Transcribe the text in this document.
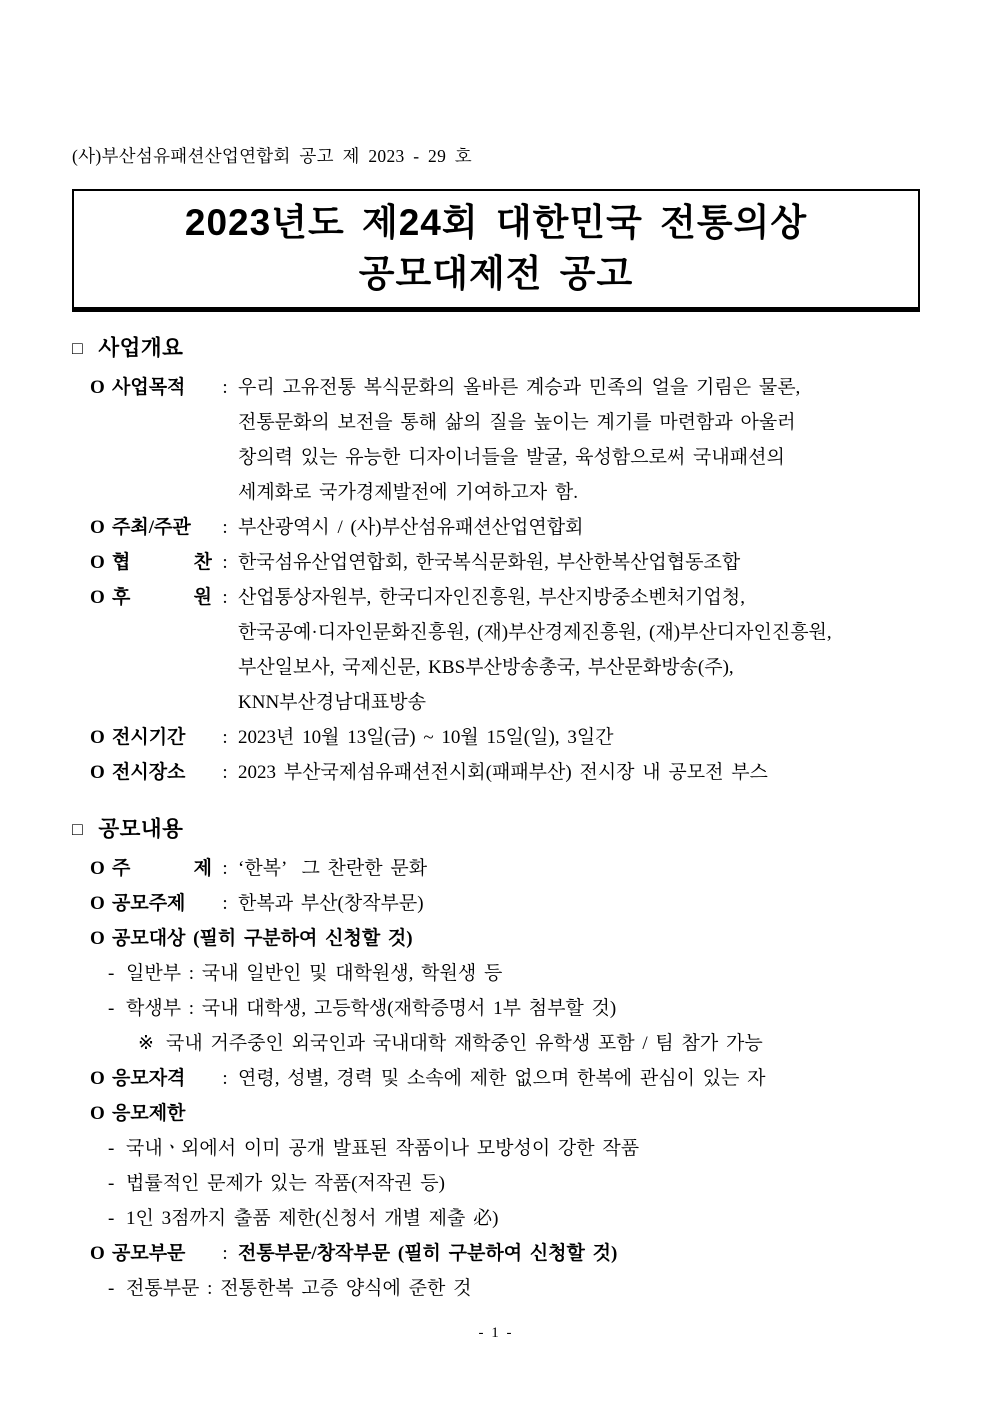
(사)부산섬유패션산업연합회 공고 제 2023 - 29 호
2023년도 제24회 대한민국 전통의상
공모대제전 공고
□ 사업개요
O 사업목적	: 우리 고유전통 복식문화의 올바른 계승과 민족의 얼을 기림은 물론,
전통문화의 보전을 통해 삶의 질을 높이는 계기를 마련함과 아울러
창의력 있는 유능한 디자이너들을 발굴, 육성함으로써 국내패션의
세계화로 국가경제발전에 기여하고자 함.
O 주최/주관	: 부산광역시 / (사)부산섬유패션산업연합회
O 협 찬 : 한국섬유산업연합회, 한국복식문화원, 부산한복산업협동조합
O 후 원 : 산업통상자원부, 한국디자인진흥원, 부산지방중소벤처기업청,
한국공예·디자인문화진흥원, (재)부산경제진흥원, (재)부산디자인진흥원,
부산일보사, 국제신문, KBS부산방송총국, 부산문화방송(주),
KNN부산경남대표방송
O 전시기간	: 2023년 10월 13일(금) ~ 10월 15일(일), 3일간
O 전시장소	: 2023 부산국제섬유패션전시회(패패부산) 전시장 내 공모전 부스
□ 공모내용
O 주 제 : ‘한복’  그 찬란한 문화
O 공모주제	: 한복과 부산(창작부문)
O 공모대상 (필히 구분하여 신청할 것)
- 일반부 : 국내 일반인 및 대학원생, 학원생 등
- 학생부 : 국내 대학생, 고등학생(재학증명서 1부 첨부할 것)
※ 국내 거주중인 외국인과 국내대학 재학중인 유학생 포함 / 팀 참가 가능
O 응모자격	: 연령, 성별, 경력 및 소속에 제한 없으며 한복에 관심이 있는 자
O 응모제한
- 국내ㆍ외에서 이미 공개 발표된 작품이나 모방성이 강한 작품
- 법률적인 문제가 있는 작품(저작권 등)
- 1인 3점까지 출품 제한(신청서 개별 제출 必)
O 공모부문	: 전통부문/창작부문 (필히 구분하여 신청할 것)
- 전통부문 : 전통한복 고증 양식에 준한 것
- 1 -
